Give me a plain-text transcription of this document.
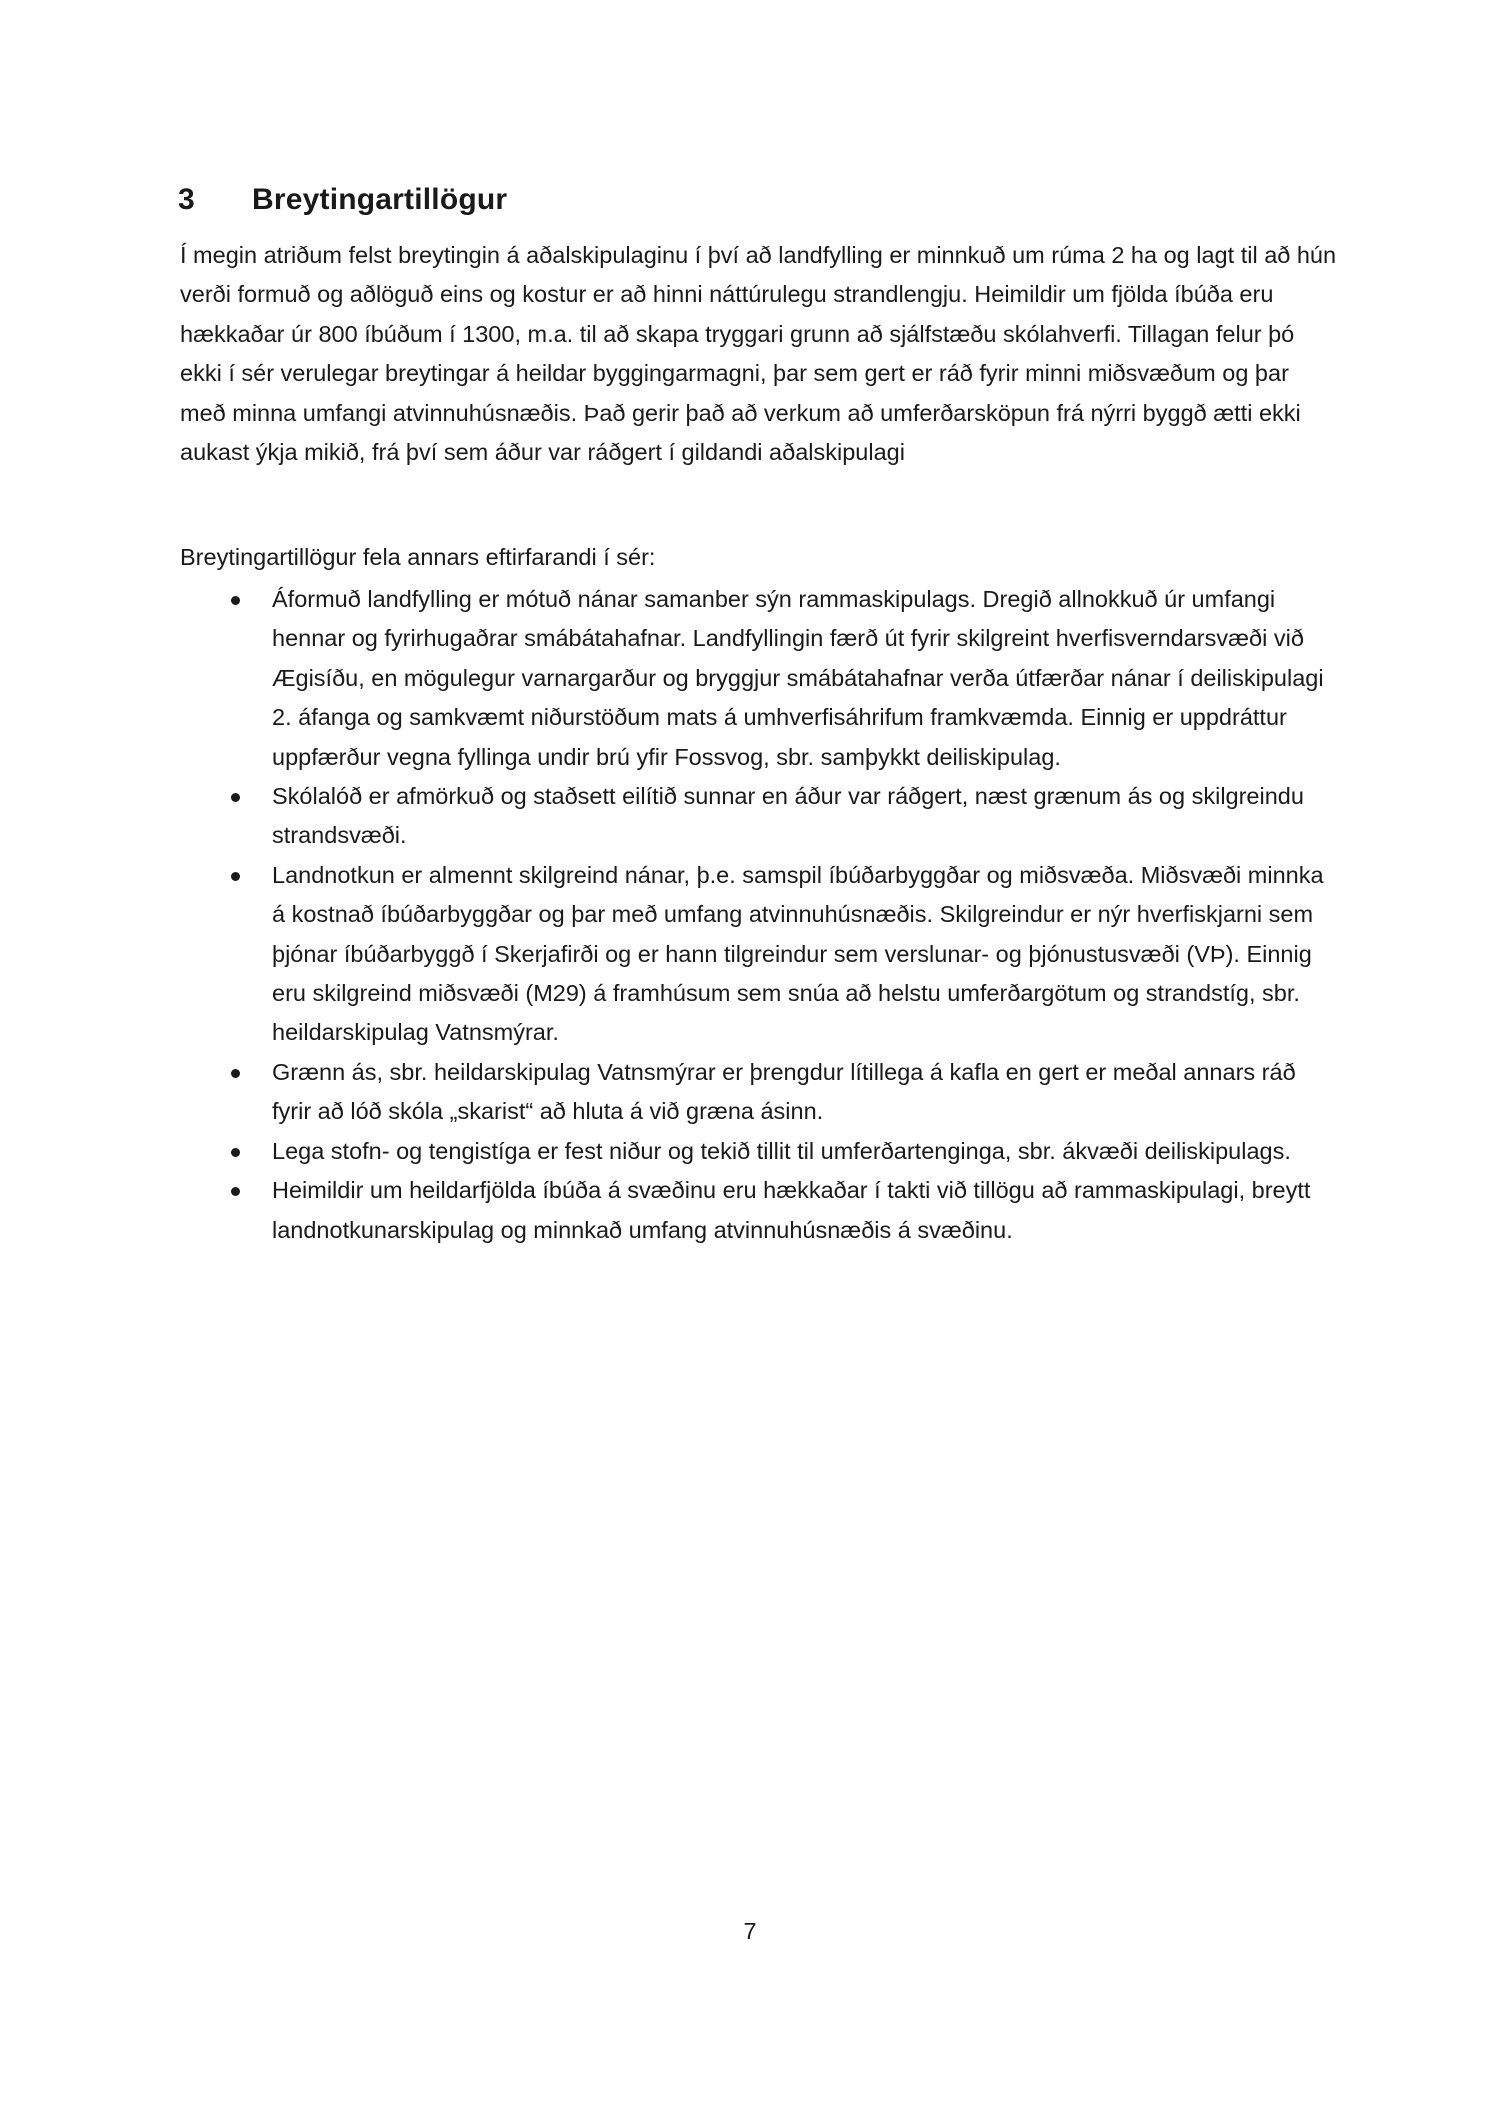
3 Breytingartillögur

Í megin atriðum felst breytingin á aðalskipulaginu í því að landfylling er minnkuð um rúma 2 ha og lagt til að hún verði formuð og aðlöguð eins og kostur er að hinni náttúrulegu strandlengju. Heimildir um fjölda íbúða eru hækkaðar úr 800 íbúðum í 1300, m.a. til að skapa tryggari grunn að sjálfstæðu skólahverfi. Tillagan felur þó ekki í sér verulegar breytingar á heildar byggingarmagni, þar sem gert er ráð fyrir minni miðsvæðum og þar með minna umfangi atvinnuhúsnæðis. Það gerir það að verkum að umferðarsköpun frá nýrri byggð ætti ekki aukast ýkja mikið, frá því sem áður var ráðgert í gildandi aðalskipulagi

Breytingartillögur fela annars eftirfarandi í sér:

Áformuð landfylling er mótuð nánar samanber sýn rammaskipulags. Dregið allnokkuð úr umfangi hennar og fyrirhugaðrar smábátahafnar. Landfyllingin færð út fyrir skilgreint hverfisverndarsvæði við Ægisíðu, en mögulegur varnargarður og bryggjur smábátahafnar verða útfærðar nánar í deiliskipulagi 2. áfanga og samkvæmt niðurstöðum mats á umhverfisáhrifum framkvæmda. Einnig er uppdráttur uppfærður vegna fyllinga undir brú yfir Fossvog, sbr. samþykkt deiliskipulag.
Skólalóð er afmörkuð og staðsett eilítið sunnar en áður var ráðgert, næst grænum ás og skilgreindu strandsvæði.
Landnotkun er almennt skilgreind nánar, þ.e. samspil íbúðarbyggðar og miðsvæða. Miðsvæði minnka á kostnað íbúðarbyggðar og þar með umfang atvinnuhúsnæðis. Skilgreindur er nýr hverfiskjarni sem þjónar íbúðarbyggð í Skerjafirði og er hann tilgreindur sem verslunar- og þjónustusvæði (VÞ). Einnig eru skilgreind miðsvæði (M29) á framhúsum sem snúa að helstu umferðargötum og strandstíg, sbr. heildarskipulag Vatnsmýrar.
Grænn ás, sbr. heildarskipulag Vatnsmýrar er þrengdur lítillega á kafla en gert er meðal annars ráð fyrir að lóð skóla „skarist“ að hluta á við græna ásinn.
Lega stofn- og tengistíga er fest niður og tekið tillit til umferðartenginga, sbr. ákvæði deiliskipulags.
Heimildir um heildarfjölda íbúða á svæðinu eru hækkaðar í takti við tillögu að rammaskipulagi, breytt landnotkunarskipulag og minnkað umfang atvinnuhúsnæðis á svæðinu.

7
